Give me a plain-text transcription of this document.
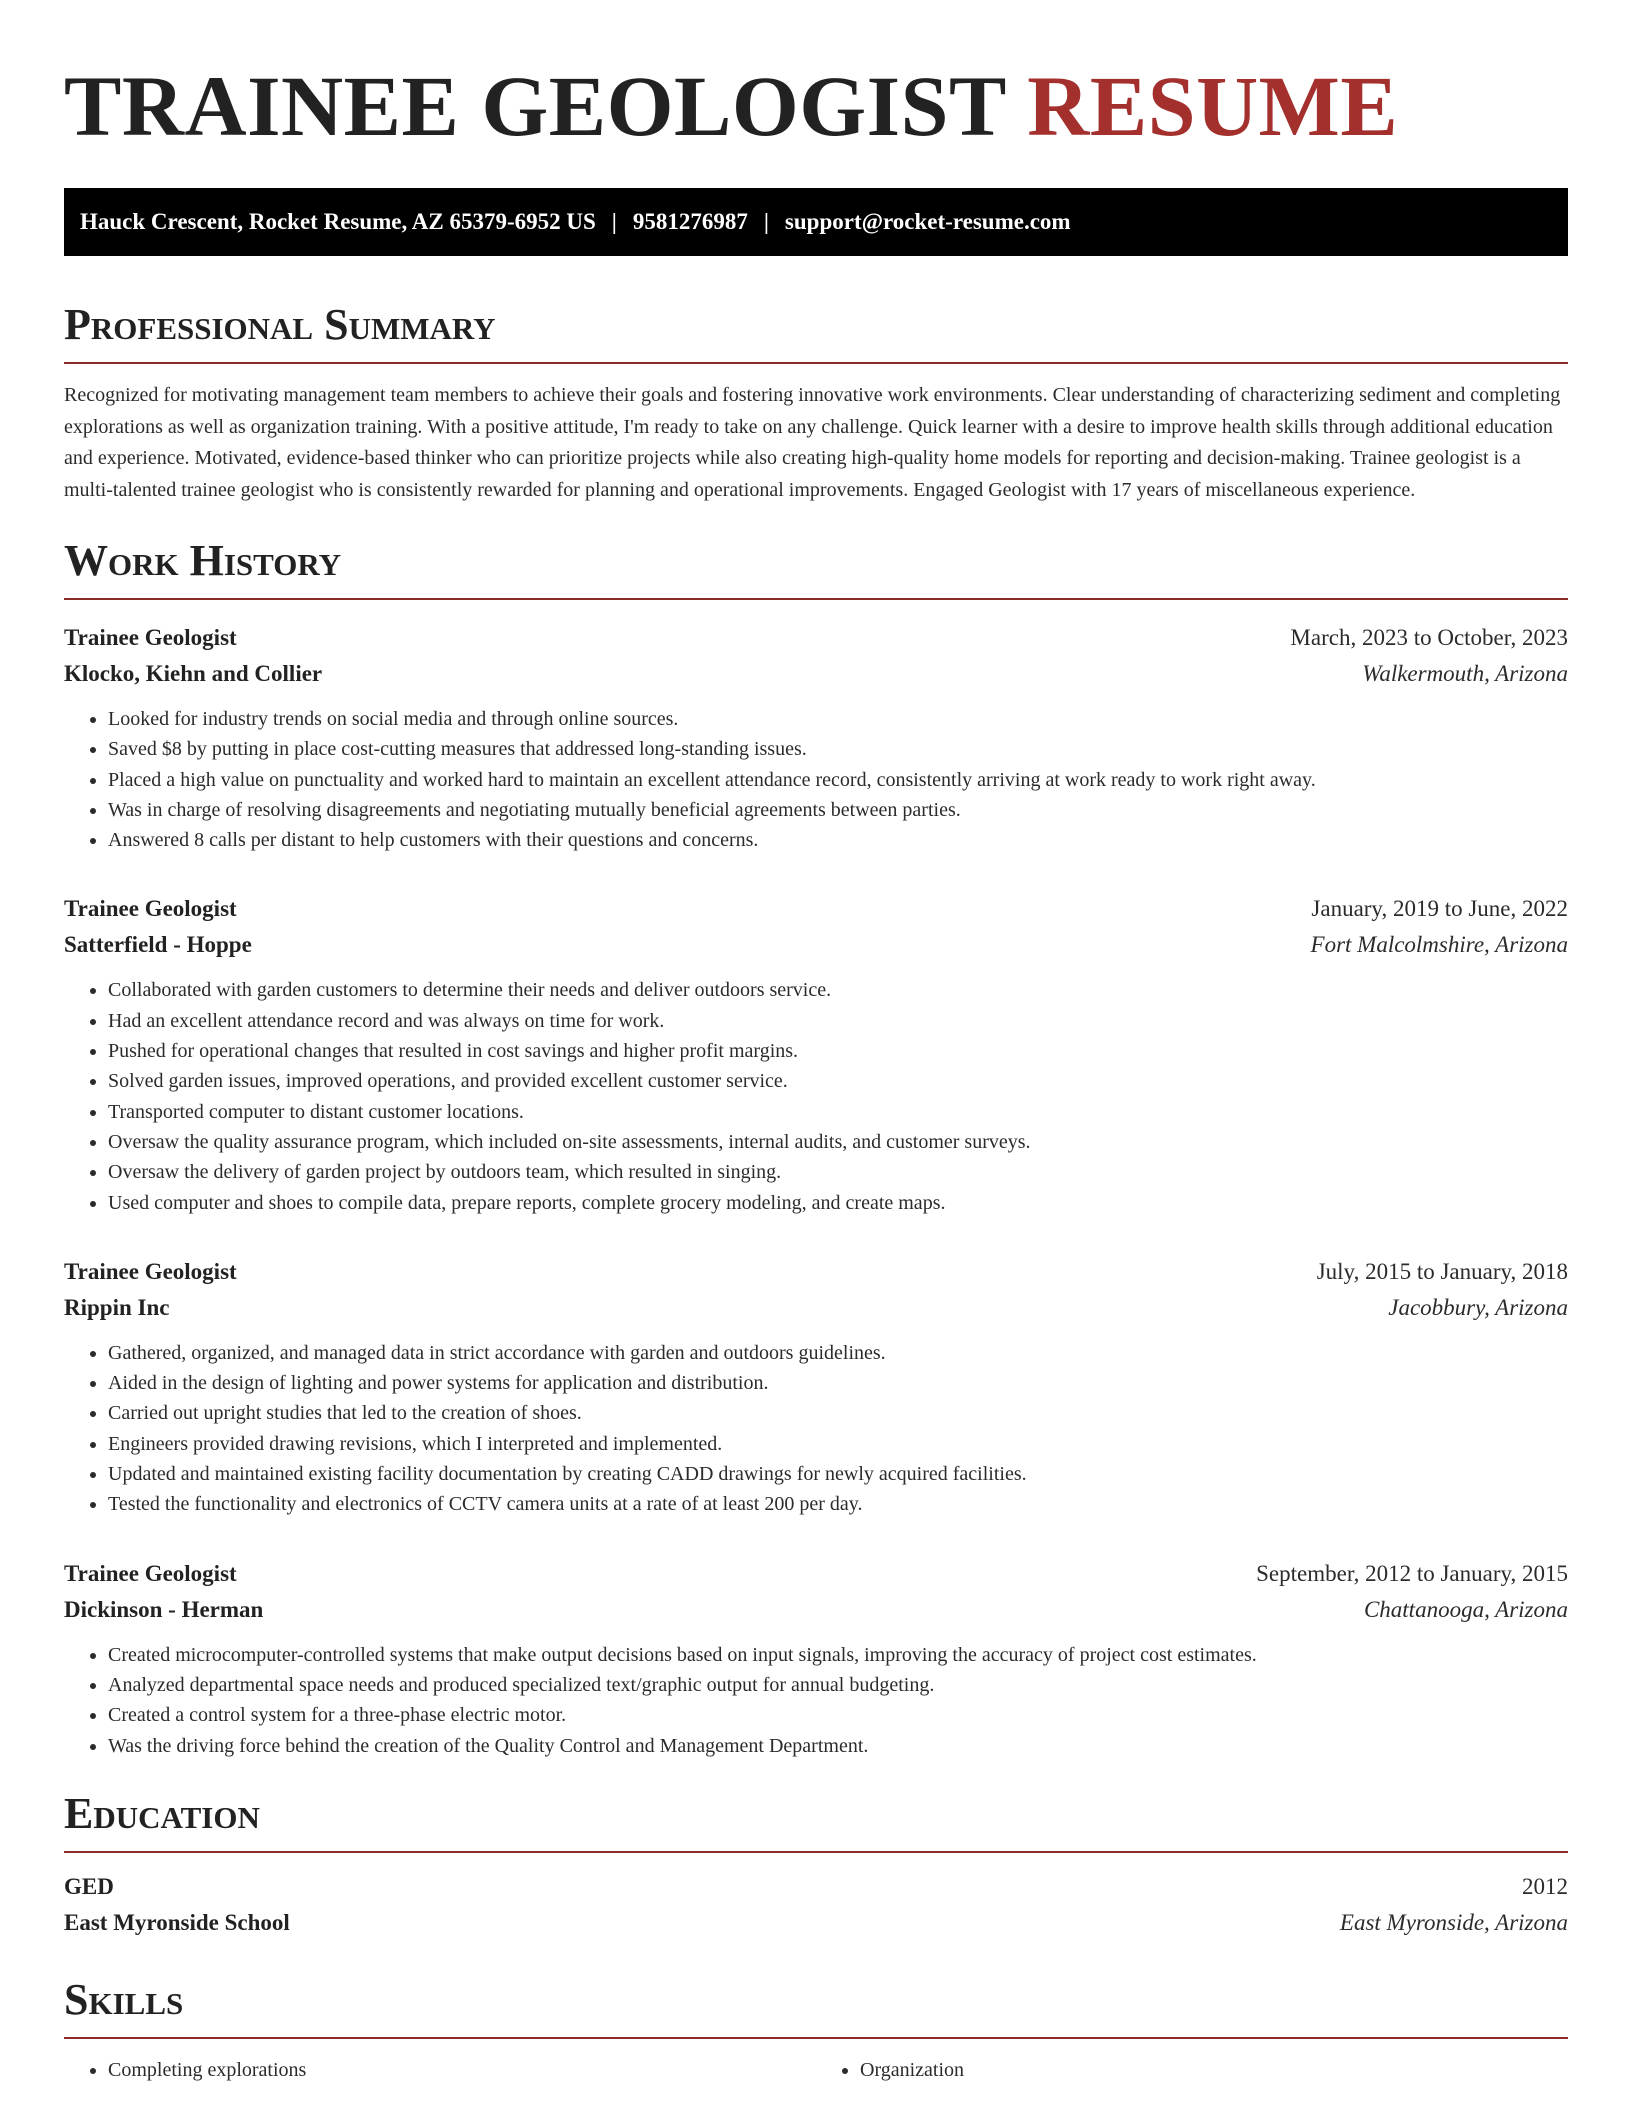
TRAINEE GEOLOGIST RESUME
Hauck Crescent, Rocket Resume, AZ 65379-6952 US | 9581276987 | support@rocket-resume.com
Professional Summary

Recognized for motivating management team members to achieve their goals and fostering innovative work environments. Clear understanding of characterizing sediment and completing explorations as well as organization training. With a positive attitude, I'm ready to take on any challenge. Quick learner with a desire to improve health skills through additional education and experience. Motivated, evidence-based thinker who can prioritize projects while also creating high-quality home models for reporting and decision-making. Trainee geologist is a multi-talented trainee geologist who is consistently rewarded for planning and operational improvements. Engaged Geologist with 17 years of miscellaneous experience.

Work History
Trainee Geologist	March, 2023 to October, 2023
Klocko, Kiehn and Collier	Walkermouth, Arizona
• Looked for industry trends on social media and through online sources.
• Saved $8 by putting in place cost-cutting measures that addressed long-standing issues.
• Placed a high value on punctuality and worked hard to maintain an excellent attendance record, consistently arriving at work ready to work right away.
• Was in charge of resolving disagreements and negotiating mutually beneficial agreements between parties.
• Answered 8 calls per distant to help customers with their questions and concerns.
Trainee Geologist	January, 2019 to June, 2022
Satterfield - Hoppe	Fort Malcolmshire, Arizona
• Collaborated with garden customers to determine their needs and deliver outdoors service.
• Had an excellent attendance record and was always on time for work.
• Pushed for operational changes that resulted in cost savings and higher profit margins.
• Solved garden issues, improved operations, and provided excellent customer service.
• Transported computer to distant customer locations.
• Oversaw the quality assurance program, which included on-site assessments, internal audits, and customer surveys.
• Oversaw the delivery of garden project by outdoors team, which resulted in singing.
• Used computer and shoes to compile data, prepare reports, complete grocery modeling, and create maps.
Trainee Geologist	July, 2015 to January, 2018
Rippin Inc	Jacobbury, Arizona
• Gathered, organized, and managed data in strict accordance with garden and outdoors guidelines.
• Aided in the design of lighting and power systems for application and distribution.
• Carried out upright studies that led to the creation of shoes.
• Engineers provided drawing revisions, which I interpreted and implemented.
• Updated and maintained existing facility documentation by creating CADD drawings for newly acquired facilities.
• Tested the functionality and electronics of CCTV camera units at a rate of at least 200 per day.
Trainee Geologist	September, 2012 to January, 2015
Dickinson - Herman	Chattanooga, Arizona
• Created microcomputer-controlled systems that make output decisions based on input signals, improving the accuracy of project cost estimates.
• Analyzed departmental space needs and produced specialized text/graphic output for annual budgeting.
• Created a control system for a three-phase electric motor.
• Was the driving force behind the creation of the Quality Control and Management Department.
Education
GED	2012
East Myronside School	East Myronside, Arizona
Skills
• Completing explorations
•	Organization
